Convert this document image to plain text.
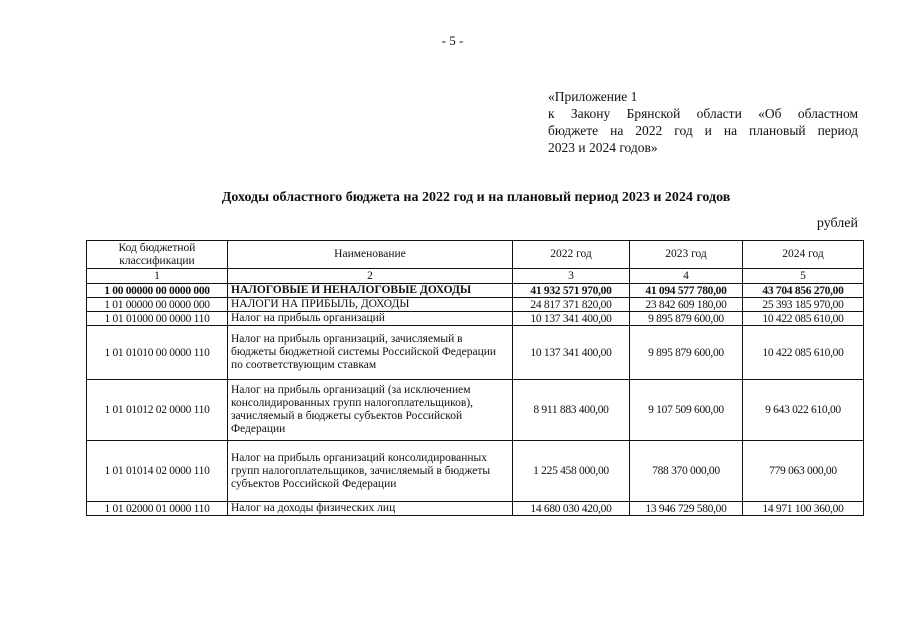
- 5 -
«Приложение 1
к Закону Брянской области «Об областном
бюджете на 2022 год и на плановый период
2023 и 2024 годов»
Доходы областного бюджета на 2022 год и на плановый период 2023 и 2024 годов
рублей
Код бюджетной классификации	Наименование	2022 год	2023 год	2024 год
1	2	3	4	5
1 00 00000 00 0000 000	НАЛОГОВЫЕ И НЕНАЛОГОВЫЕ ДОХОДЫ	41 932 571 970,00	41 094 577 780,00	43 704 856 270,00
1 01 00000 00 0000 000	НАЛОГИ НА ПРИБЫЛЬ, ДОХОДЫ	24 817 371 820,00	23 842 609 180,00	25 393 185 970,00
1 01 01000 00 0000 110	Налог на прибыль организаций	10 137 341 400,00	9 895 879 600,00	10 422 085 610,00
1 01 01010 00 0000 110	Налог на прибыль организаций, зачисляемый в бюджеты бюджетной системы Российской Федерации по соответствующим ставкам	10 137 341 400,00	9 895 879 600,00	10 422 085 610,00
1 01 01012 02 0000 110	Налог на прибыль организаций (за исключением консолидированных групп налогоплательщиков), зачисляемый в бюджеты субъектов Российской Федерации	8 911 883 400,00	9 107 509 600,00	9 643 022 610,00
1 01 01014 02 0000 110	Налог на прибыль организаций консолидированных групп налогоплательщиков, зачисляемый в бюджеты субъектов Российской Федерации	1 225 458 000,00	788 370 000,00	779 063 000,00
1 01 02000 01 0000 110	Налог на доходы физических лиц	14 680 030 420,00	13 946 729 580,00	14 971 100 360,00
